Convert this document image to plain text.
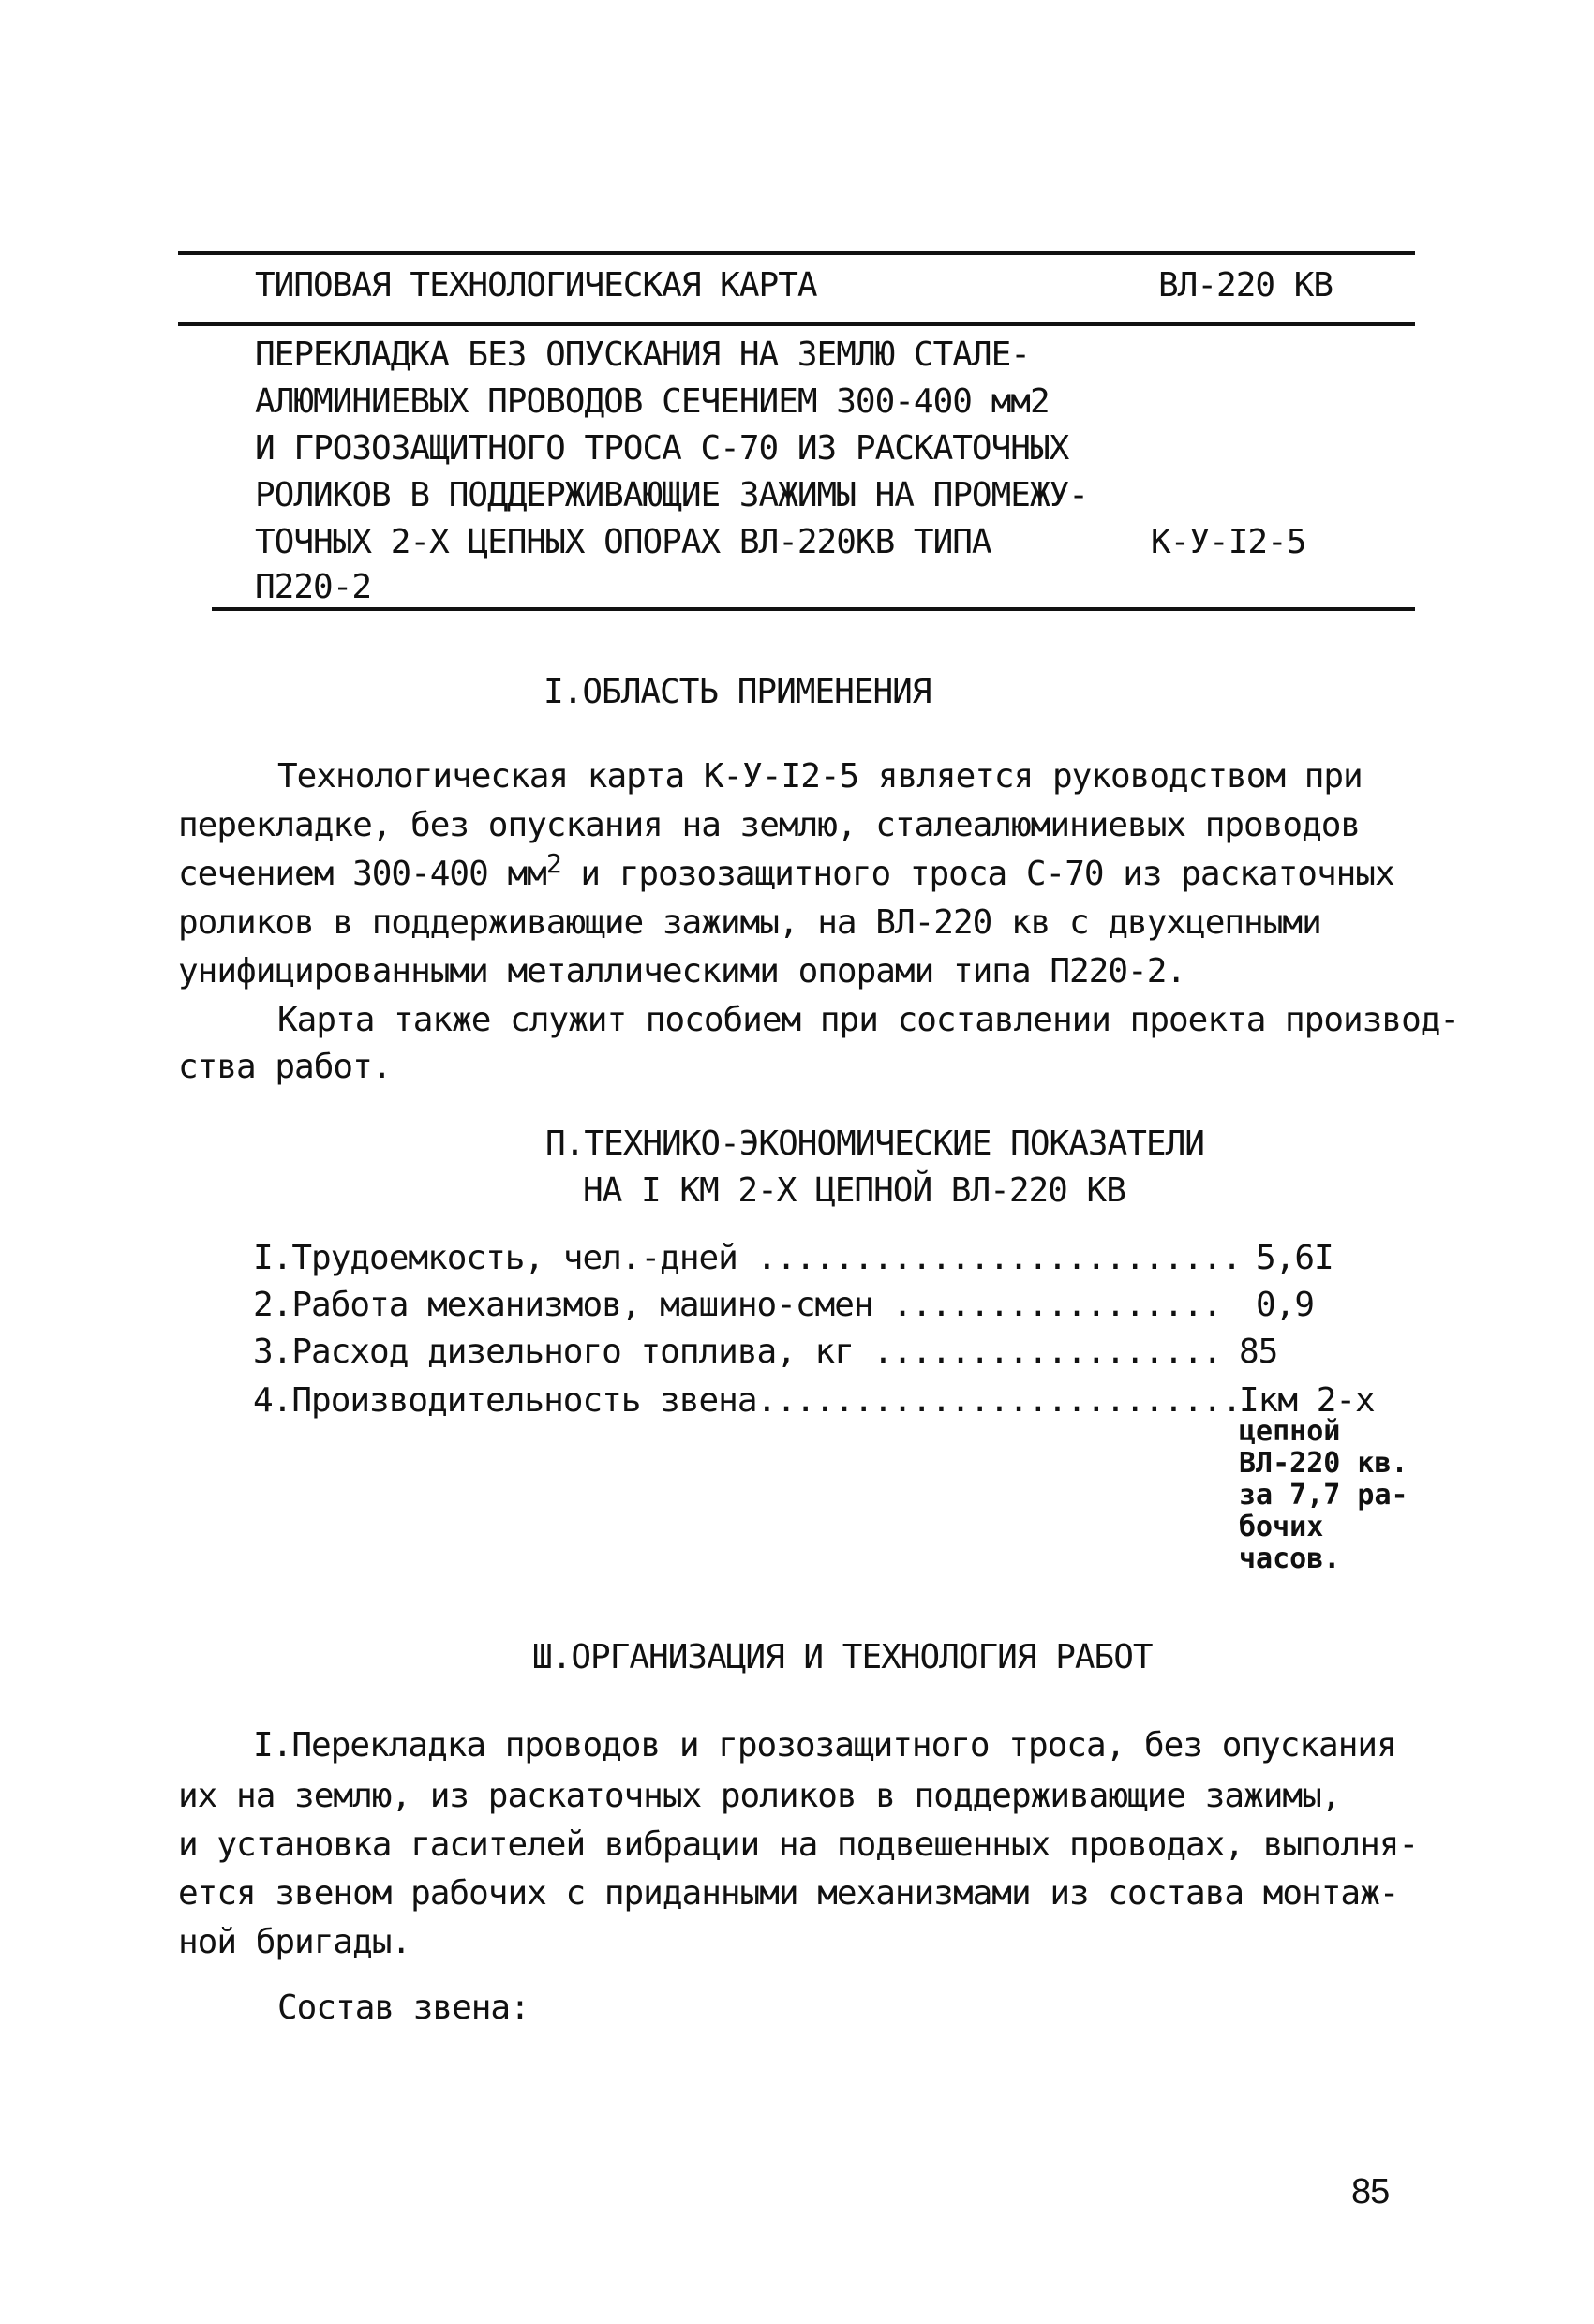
ТИПОВАЯ ТЕХНОЛОГИЧЕСКАЯ КАРТА	ВЛ-220 КВ
ПЕРЕКЛАДКА БЕЗ ОПУСКАНИЯ НА ЗЕМЛЮ СТАЛЕ-
АЛЮМИНИЕВЫХ ПРОВОДОВ СЕЧЕНИЕМ 300-400 мм2
И ГРОЗОЗАЩИТНОГО ТРОСА С-70 ИЗ РАСКАТОЧНЫХ
РОЛИКОВ В ПОДДЕРЖИВАЮЩИЕ ЗАЖИМЫ НА ПРОМЕЖУ-
ТОЧНЫХ 2-Х ЦЕПНЫХ ОПОРАХ ВЛ-220КВ ТИПА	К-У-I2-5
П220-2
I.ОБЛАСТЬ ПРИМЕНЕНИЯ
Технологическая карта К-У-I2-5 является руководством при
перекладке, без опускания на землю, сталеалюминиевых проводов
сечением 300-400 $мм^2$ и грозозащитного троса С-70 из раскаточных
роликов в поддерживающие зажимы, на ВЛ-220 кв с двухцепными
унифицированными металлическими опорами типа П220-2.
Карта также служит пособием при составлении проекта производ-
ства работ.
П.ТЕХНИКО-ЭКОНОМИЧЕСКИЕ ПОКАЗАТЕЛИ
НА I КМ 2-Х ЦЕПНОЙ ВЛ-220 КВ
I.Трудоемкость, чел.-дней ......................... 5,6I
2.Работа механизмов, машино-смен ................. 0,9
3.Расход дизельного топлива, кг .................. 85
4.Производительность звена.........................
Iкм 2-х
цепной
ВЛ-220 кв.
за 7,7 ра-
бочих
часов.
Ш.ОРГАНИЗАЦИЯ И ТЕХНОЛОГИЯ РАБОТ
I.Перекладка проводов и грозозащитного троса, без опускания
их на землю, из раскаточных роликов в поддерживающие зажимы,
и установка гасителей вибрации на подвешенных проводах, выполня-
ется звеном рабочих с приданными механизмами из состава монтаж-
ной бригады.
Состав звена:
85
